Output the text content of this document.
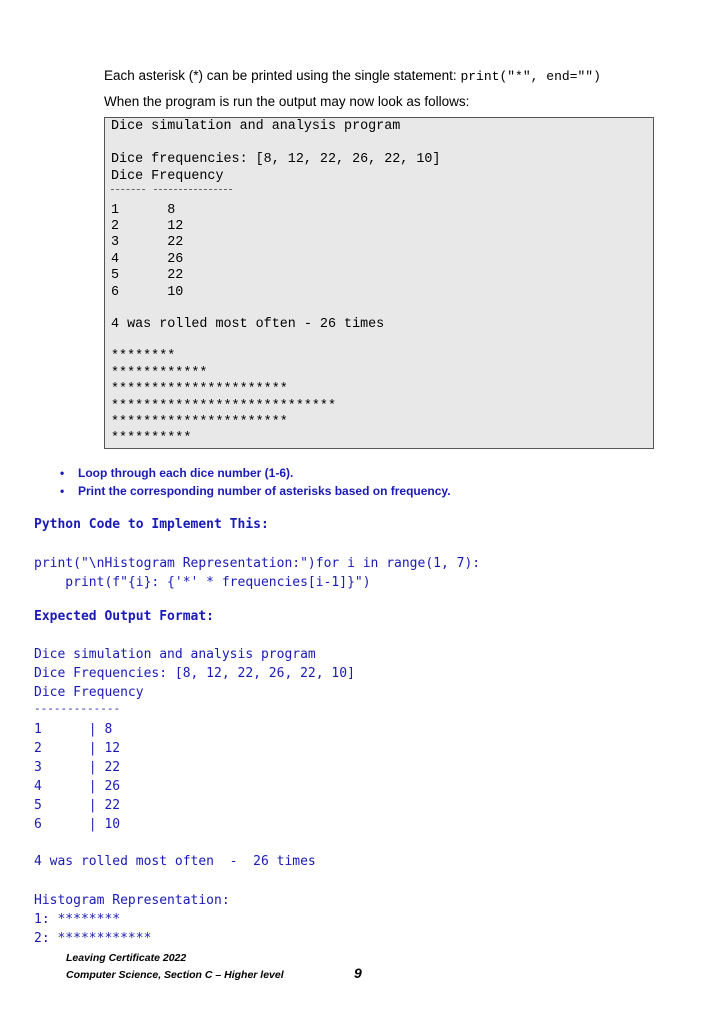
Each asterisk (*) can be printed using the single statement: print("*", end="")
When the program is run the output may now look as follows:
Dice simulation and analysis program
Dice frequencies: [8, 12, 22, 26, 22, 10]
Dice Frequency
1      8
2      12
3      22
4      26
5      22
6      10
4 was rolled most often - 26 times
********
************
**********************
****************************
**********************
**********
• Loop through each dice number (1-6).
• Print the corresponding number of asterisks based on frequency.
Python Code to Implement This:
print("\nHistogram Representation:")for i in range(1, 7):
print(f"{i}: {'*' * frequencies[i-1]}")
Expected Output Format:
Dice simulation and analysis program
Dice Frequencies: [8, 12, 22, 26, 22, 10]
Dice Frequency
-------------
1      | 8
2      | 12
3      | 22
4      | 26
5      | 22
6      | 10
4 was rolled most often  -  26 times
Histogram Representation:
1: ********
2: ************
Leaving Certificate 2022
Computer Science, Section C – Higher level	9
